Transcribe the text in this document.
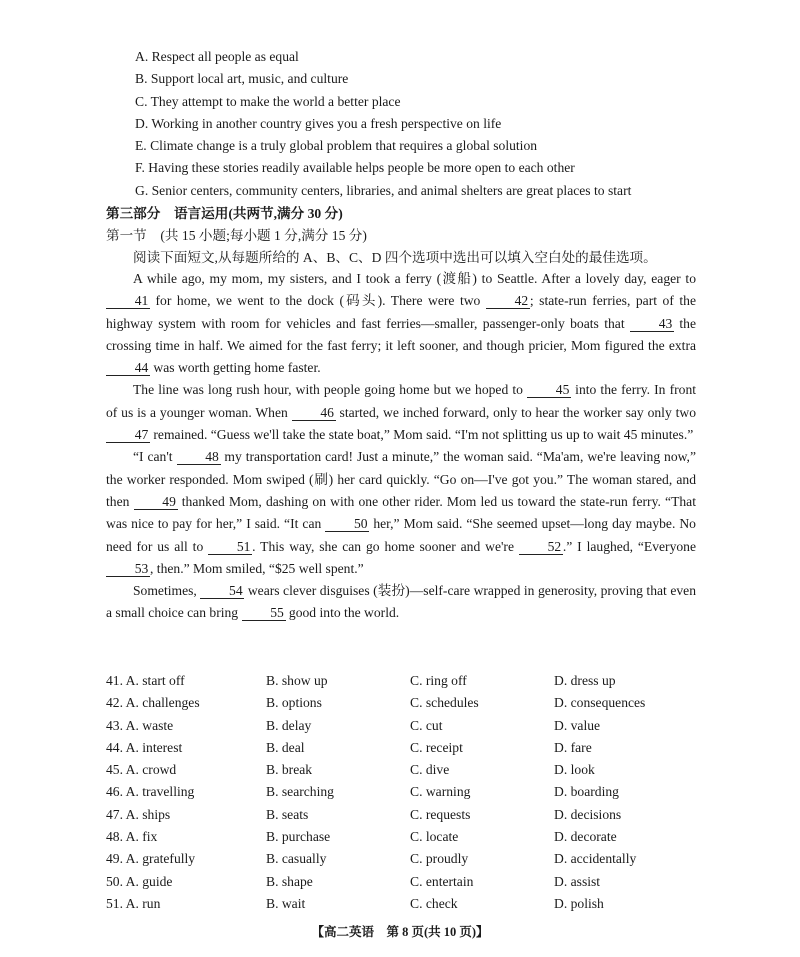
A. Respect all people as equal
B. Support local art, music, and culture
C. They attempt to make the world a better place
D. Working in another country gives you a fresh perspective on life
E. Climate change is a truly global problem that requires a global solution
F. Having these stories readily available helps people be more open to each other
G. Senior centers, community centers, libraries, and animal shelters are great places to start
第三部分　语言运用(共两节,满分 30 分)
第一节　(共 15 小题;每小题 1 分,满分 15 分)
阅读下面短文,从每题所给的 A、B、C、D 四个选项中选出可以填入空白处的最佳选项。

A while ago, my mom, my sisters, and I took a ferry (渡船) to Seattle. After a lovely day, eager to 41 for home, we went to the dock (码头). There were two 42 ; state-run ferries, part of the highway system with room for vehicles and fast ferries—smaller, passenger-only boats that 43 the crossing time in half. We aimed for the fast ferry; it left sooner, and though pricier, Mom figured the extra 44 was worth getting home faster.

The line was long rush hour, with people going home but we hoped to 45 into the ferry. In front of us is a younger woman. When 46 started, we inched forward, only to hear the worker say only two 47 remained. “Guess we'll take the state boat,” Mom said. “I'm not splitting us up to wait 45 minutes.”

“I can't 48 my transportation card! Just a minute,” the woman said. “Ma'am, we're leaving now,” the worker responded. Mom swiped (刷) her card quickly. “Go on—I've got you.” The woman stared, and then 49 thanked Mom, dashing on with one other rider. Mom led us toward the state-run ferry. “That was nice to pay for her,” I said. “It can 50 her,” Mom said. “She seemed upset—long day maybe. No need for us all to 51 . This way, she can go home sooner and we're 52 .” I laughed, “Everyone 53 , then.” Mom smiled, “$25 well spent.”

Sometimes, 54 wears clever disguises (装扮)—self-care wrapped in generosity, proving that even a small choice can bring 55 good into the world.

41. A. start off	B. show up	C. ring off	D. dress up
42. A. challenges	B. options	C. schedules	D. consequences
43. A. waste	B. delay	C. cut	D. value
44. A. interest	B. deal	C. receipt	D. fare
45. A. crowd	B. break	C. dive	D. look
46. A. travelling	B. searching	C. warning	D. boarding
47. A. ships	B. seats	C. requests	D. decisions
48. A. fix	B. purchase	C. locate	D. decorate
49. A. gratefully	B. casually	C. proudly	D. accidentally
50. A. guide	B. shape	C. entertain	D. assist
51. A. run	B. wait	C. check	D. polish
【高二英语　第 8 页(共 10 页)】
